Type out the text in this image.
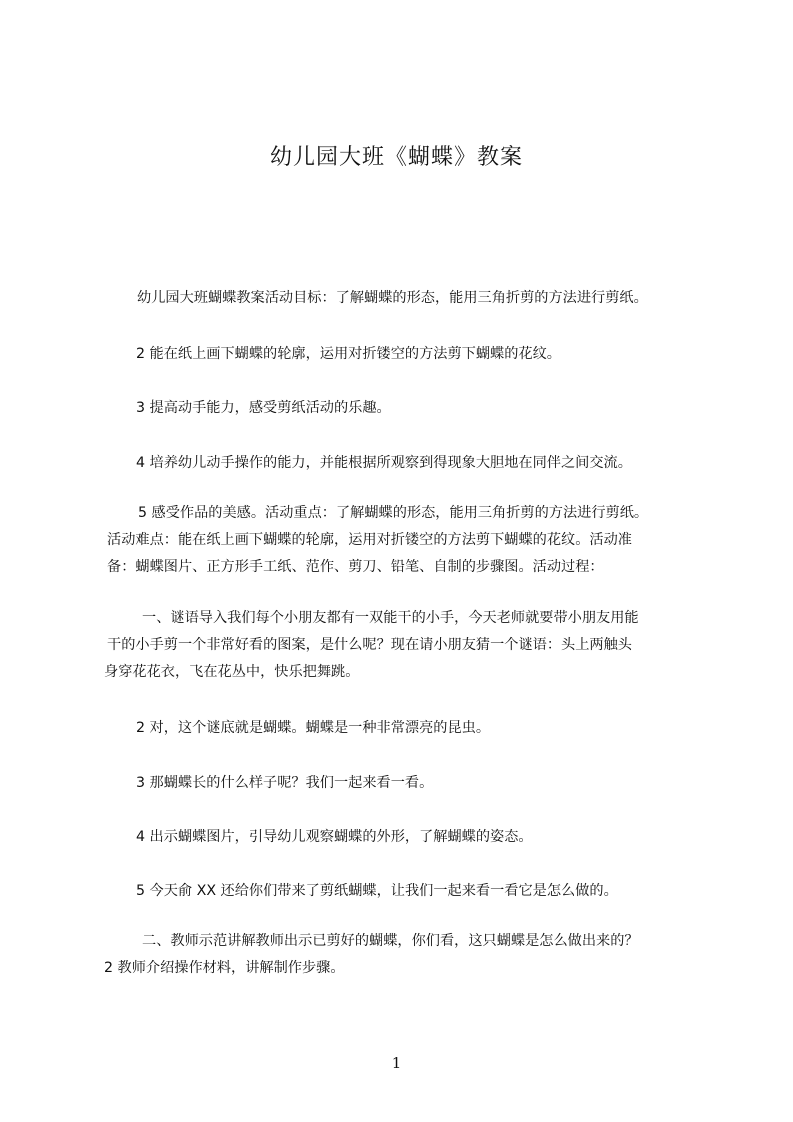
幼儿园大班《蝴蝶》教案
幼儿园大班蝴蝶教案活动目标：了解蝴蝶的形态，能用三角折剪的方法进行剪纸。
2 能在纸上画下蝴蝶的轮廓，运用对折镂空的方法剪下蝴蝶的花纹。
3 提高动手能力，感受剪纸活动的乐趣。
4 培养幼儿动手操作的能力，并能根据所观察到得现象大胆地在同伴之间交流。
5 感受作品的美感。活动重点：了解蝴蝶的形态，能用三角折剪的方法进行剪纸。
活动难点：能在纸上画下蝴蝶的轮廓，运用对折镂空的方法剪下蝴蝶的花纹。活动准
备：蝴蝶图片、正方形手工纸、范作、剪刀、铅笔、自制的步骤图。活动过程：
一、谜语导入我们每个小朋友都有一双能干的小手，今天老师就要带小朋友用能
干的小手剪一个非常好看的图案，是什么呢？现在请小朋友猜一个谜语：头上两触头
身穿花花衣，飞在花丛中，快乐把舞跳。
2 对，这个谜底就是蝴蝶。蝴蝶是一种非常漂亮的昆虫。
3 那蝴蝶长的什么样子呢？我们一起来看一看。
4 出示蝴蝶图片，引导幼儿观察蝴蝶的外形，了解蝴蝶的姿态。
5 今天俞 XX 还给你们带来了剪纸蝴蝶，让我们一起来看一看它是怎么做的。
二、教师示范讲解教师出示已剪好的蝴蝶，你们看，这只蝴蝶是怎么做出来的？
2 教师介绍操作材料，讲解制作步骤。
1
